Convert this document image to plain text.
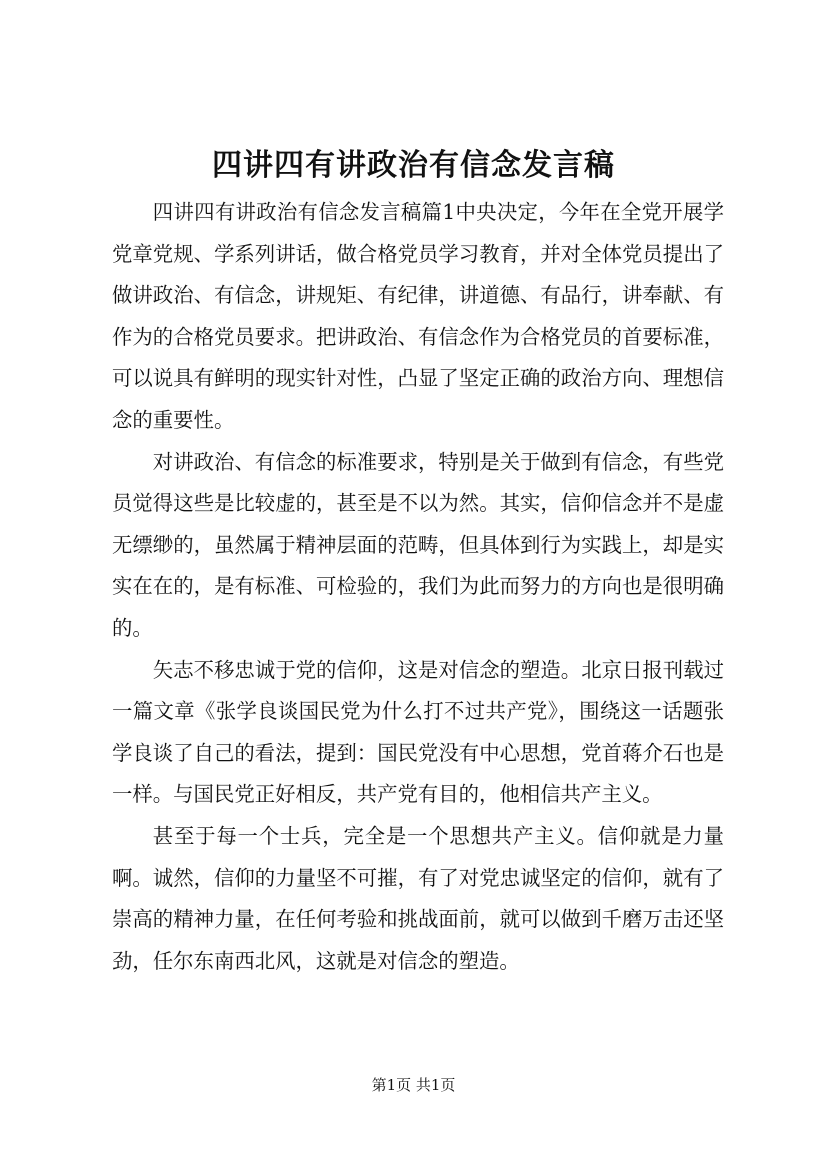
四讲四有讲政治有信念发言稿

四讲四有讲政治有信念发言稿篇1中央决定，今年在全党开展学党章党规、学系列讲话，做合格党员学习教育，并对全体党员提出了做讲政治、有信念，讲规矩、有纪律，讲道德、有品行，讲奉献、有作为的合格党员要求。把讲政治、有信念作为合格党员的首要标准，可以说具有鲜明的现实针对性，凸显了坚定正确的政治方向、理想信念的重要性。

对讲政治、有信念的标准要求，特别是关于做到有信念，有些党员觉得这些是比较虚的，甚至是不以为然。其实，信仰信念并不是虚无缥缈的，虽然属于精神层面的范畴，但具体到行为实践上，却是实实在在的，是有标准、可检验的，我们为此而努力的方向也是很明确的。

矢志不移忠诚于党的信仰，这是对信念的塑造。北京日报刊载过一篇文章《张学良谈国民党为什么打不过共产党》，围绕这一话题张学良谈了自己的看法，提到：国民党没有中心思想，党首蒋介石也是一样。与国民党正好相反，共产党有目的，他相信共产主义。

甚至于每一个士兵，完全是一个思想共产主义。信仰就是力量啊。诚然，信仰的力量坚不可摧，有了对党忠诚坚定的信仰，就有了崇高的精神力量，在任何考验和挑战面前，就可以做到千磨万击还坚劲，任尔东南西北风，这就是对信念的塑造。

第1页 共1页
